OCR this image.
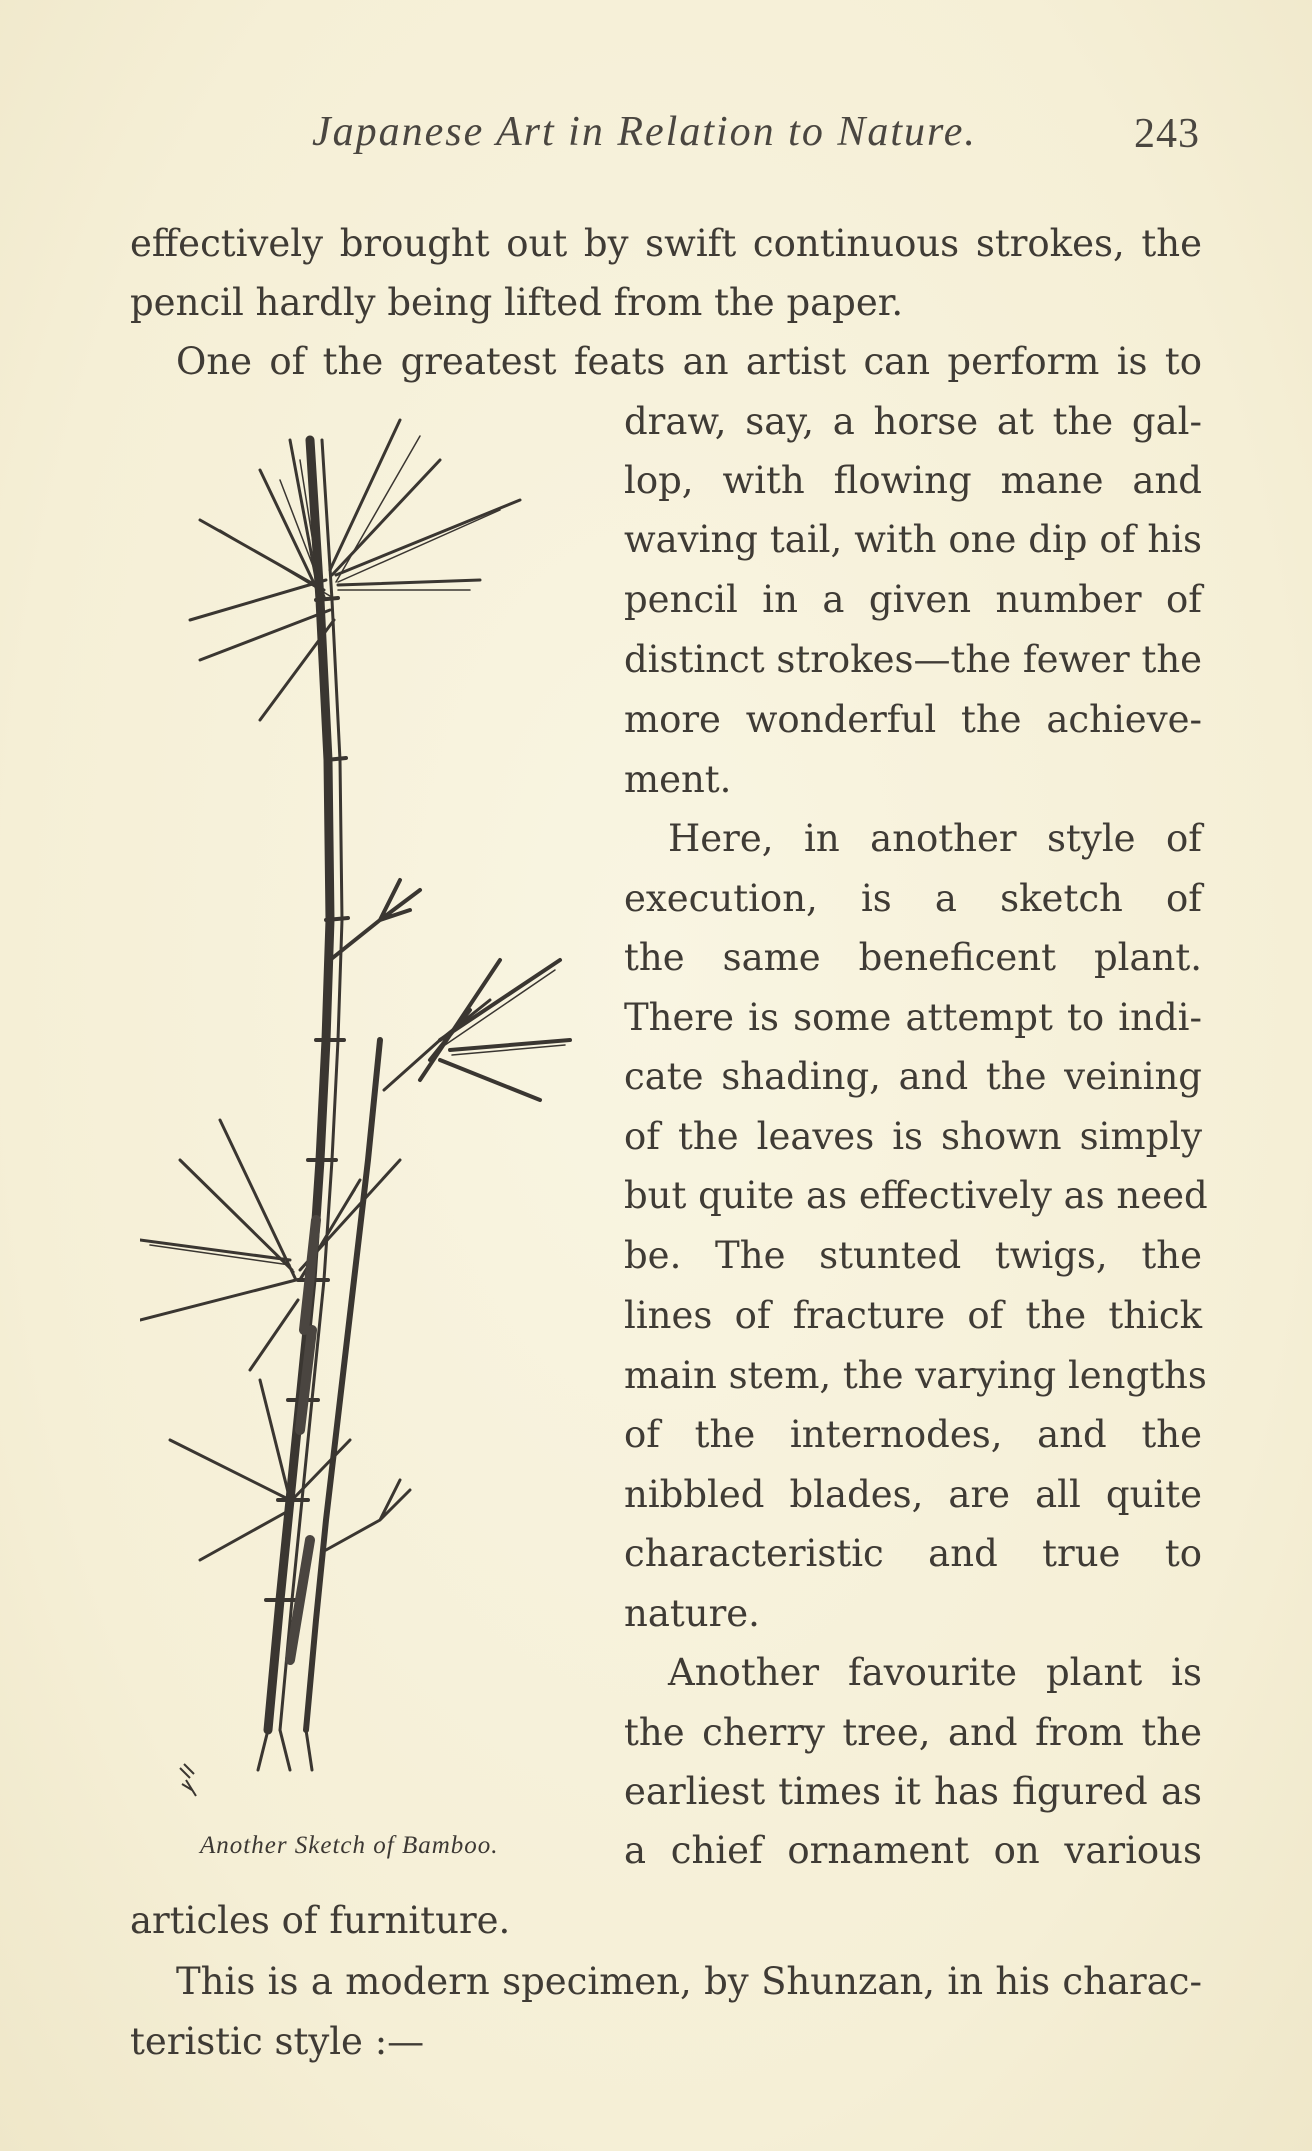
Japanese Art in Relation to Nature.	243
effectively brought out by swift continuous strokes, the
pencil hardly being lifted from the paper.
One of the greatest feats an artist can perform is to
draw, say, a horse at the gal-
lop, with flowing mane and
waving tail, with one dip of his
pencil in a given number of
distinct strokes—the fewer the
more wonderful the achieve-
ment.
Here, in another style of
execution, is a sketch of
the same beneficent plant.
There is some attempt to indi-
cate shading, and the veining
of the leaves is shown simply
but quite as effectively as need
be. The stunted twigs, the
lines of fracture of the thick
main stem, the varying lengths
of the internodes, and the
nibbled blades, are all quite
characteristic and true to
nature.
Another favourite plant is
the cherry tree, and from the
earliest times it has figured as
a chief ornament on various
articles of furniture.
This is a modern specimen, by Shunzan, in his charac-
teristic style :—
Another Sketch of Bamboo.
